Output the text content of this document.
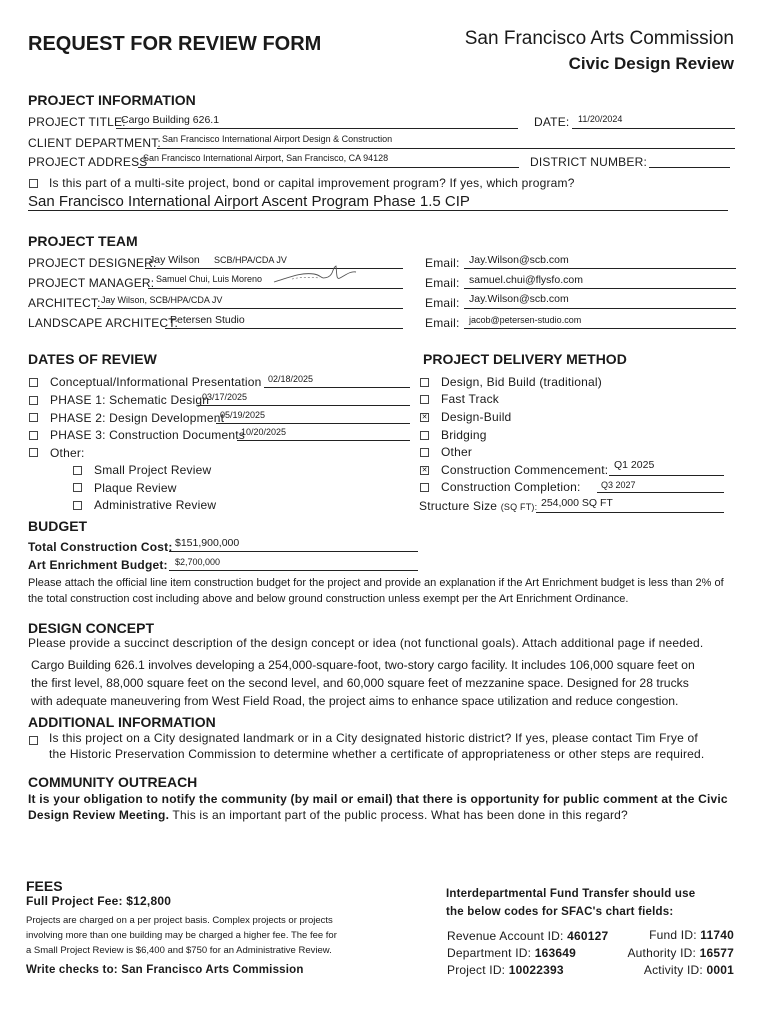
REQUEST FOR REVIEW FORM	San Francisco Arts Commission
Civic Design Review
PROJECT INFORMATION
PROJECT TITLE:
Cargo Building 626.1	DATE: 11/20/2024
CLIENT DEPARTMENT: San Francisco International Airport Design & Construction
PROJECT ADDRESS
San Francisco International Airport, San Francisco, CA 94128	DISTRICT NUMBER:
Is this part of a multi-site project, bond or capital improvement program? If yes, which program?
San Francisco International Airport Ascent Program Phase 1.5 CIP
PROJECT TEAM
PROJECT DESIGNER:
Jay Wilson SCB/HPA/CDA JV	Email: Jay.Wilson@scb.com
PROJECT MANAGER: Samuel Chui, Luis Moreno	Email: samuel.chui@flysfo.com
ARCHITECT: Jay Wilson, SCB/HPA/CDA JV	Email: Jay.Wilson@scb.com
LANDSCAPE ARCHITECT:
Petersen Studio	Email: jacob@petersen-studio.com
DATES OF REVIEW
Conceptual/Informational Presentation 02/18/2025
PHASE 1: Schematic Design
03/17/2025
PHASE 2: Design Development
05/19/2025
PHASE 3: Construction Documents
10/20/2025
Other:
Small Project Review
Plaque Review
Administrative Review
PROJECT DELIVERY METHOD
Design, Bid Build (traditional)
Fast Track
✕ Design-Build
Bridging
Other
✕ Construction Commencement: Q1 2025
Construction Completion: Q3 2027
Structure Size (SQ FT): 254,000 SQ FT
BUDGET
Total Construction Cost: $151,900,000
Art Enrichment Budget: $2,700,000
Please attach the official line item construction budget for the project and provide an explanation if the Art Enrichment budget is less than 2% of the total construction cost including above and below ground construction unless exempt per the Art Enrichment Ordinance.
DESIGN CONCEPT
Please provide a succinct description of the design concept or idea (not functional goals). Attach additional page if needed.
Cargo Building 626.1 involves developing a 254,000-square-foot, two-story cargo facility. It includes 106,000 square feet on
the first level, 88,000 square feet on the second level, and 60,000 square feet of mezzanine space. Designed for 28 trucks
with adequate maneuvering from West Field Road, the project aims to enhance space utilization and reduce congestion.
ADDITIONAL INFORMATION
Is this project on a City designated landmark or in a City designated historic district? If yes, please contact Tim Frye of
the Historic Preservation Commission to determine whether a certificate of appropriateness or other steps are required.
COMMUNITY OUTREACH
It is your obligation to notify the community (by mail or email) that there is opportunity for public comment at the Civic
Design Review Meeting. This is an important part of the public process. What has been done in this regard?
FEES
Full Project Fee: $12,800
Projects are charged on a per project basis. Complex projects or projects
involving more than one building may be charged a higher fee. The fee for
a Small Project Review is $6,400 and $750 for an Administrative Review.
Write checks to: San Francisco Arts Commission
Interdepartmental Fund Transfer should use
the below codes for SFAC's chart fields:
Revenue Account ID: 460127
Department ID: 163649
Project ID: 10022393
Fund ID: 11740
Authority ID: 16577
Activity ID: 0001
